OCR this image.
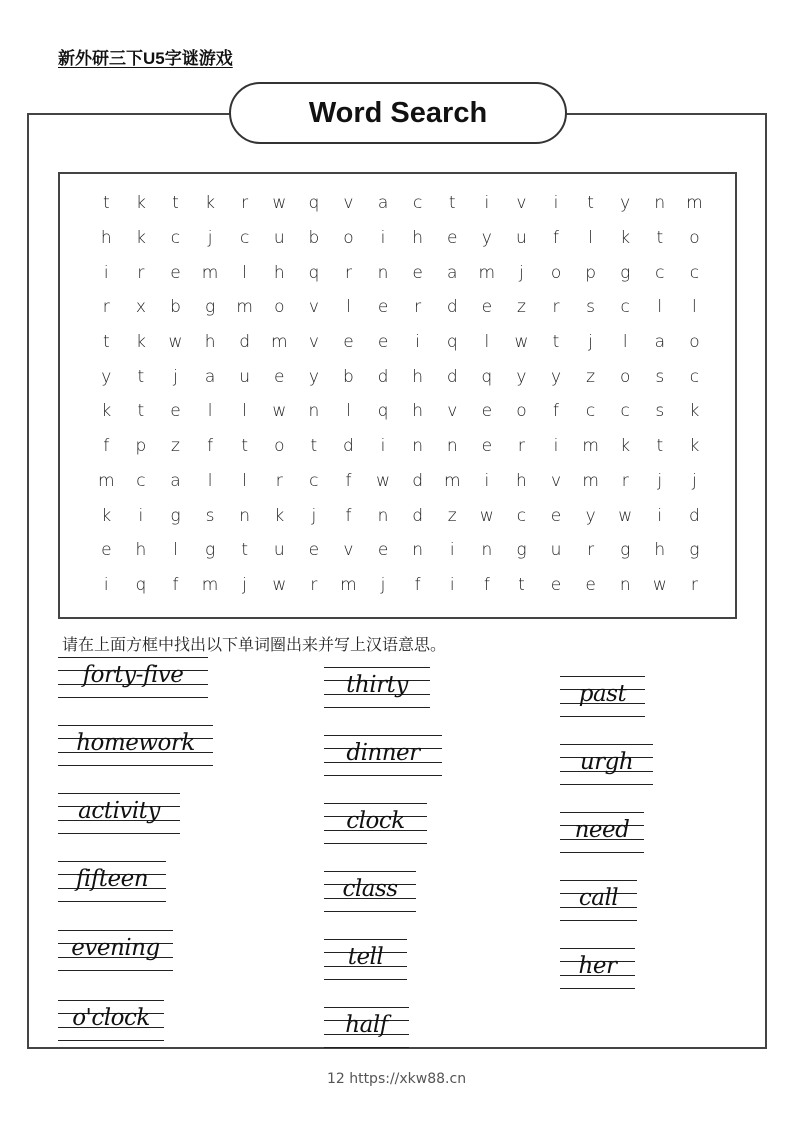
新外研三下U5字谜游戏
Word Search
t	k	t	k	r	w	q	v	a	c	t	i	v	i	t	y	n	m
h	k	c	j	c	u	b	o	i	h	e	y	u	f	l	k	t	o
i	r	e	m	l	h	q	r	n	e	a	m	j	o	p	g	c	c
r	x	b	g	m	o	v	l	e	r	d	e	z	r	s	c	l	l
t	k	w	h	d	m	v	e	e	i	q	l	w	t	j	l	a	o
y	t	j	a	u	e	y	b	d	h	d	q	y	y	z	o	s	c
k	t	e	l	l	w	n	l	q	h	v	e	o	f	c	c	s	k
f	p	z	f	t	o	t	d	i	n	n	e	r	i	m	k	t	k
m	c	a	l	l	r	c	f	w	d	m	i	h	v	m	r	j	j
k	i	g	s	n	k	j	f	n	d	z	w	c	e	y	w	i	d
e	h	l	g	t	u	e	v	e	n	i	n	g	u	r	g	h	g
i	q	f	m	j	w	r	m	j	f	i	f	t	e	e	n	w	r
请在上面方框中找出以下单词圈出来并写上汉语意思。
forty-five
homework
activity
fifteen
evening
o'clock
thirty
dinner
clock
class
tell
half
past
urgh
need
call
her
12 https://xkw88.cn
